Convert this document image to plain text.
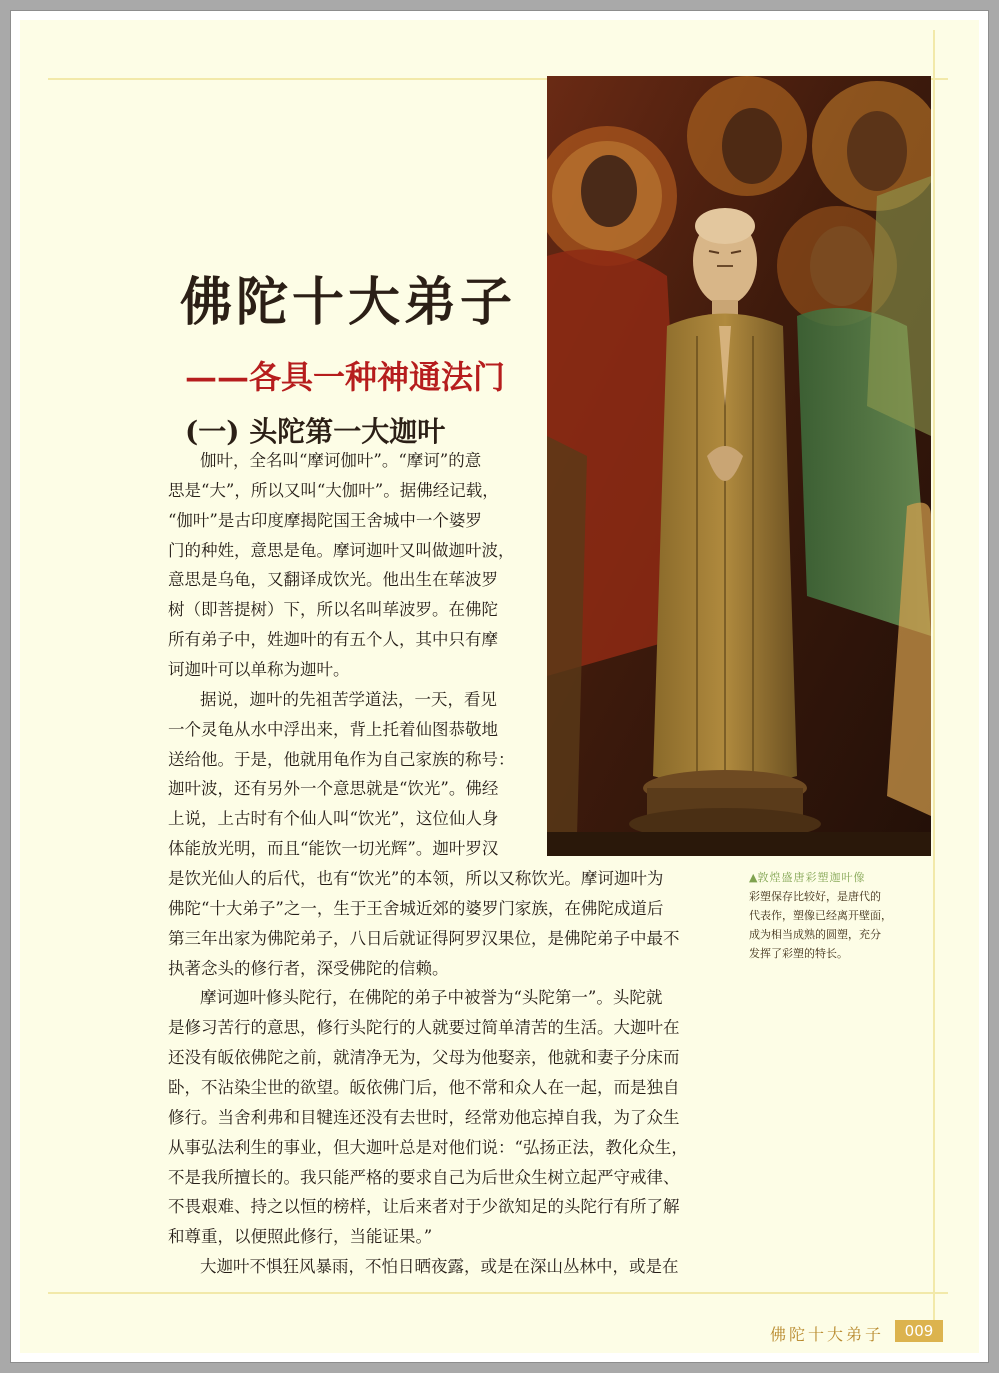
▲敦煌盛唐彩塑迦叶像
彩塑保存比较好，是唐代的
代表作，塑像已经离开壁面，
成为相当成熟的圆塑，充分
发挥了彩塑的特长。
佛陀十大弟子
——各具一种神通法门
(一) 头陀第一大迦叶
伽叶，全名叫“摩诃伽叶”。“摩诃”的意
思是“大”，所以又叫“大伽叶”。据佛经记载，
“伽叶”是古印度摩揭陀国王舍城中一个婆罗
门的种姓，意思是龟。摩诃迦叶又叫做迦叶波，
意思是乌龟，又翻译成饮光。他出生在荜波罗
树（即菩提树）下，所以名叫荜波罗。在佛陀
所有弟子中，姓迦叶的有五个人，其中只有摩
诃迦叶可以单称为迦叶。
据说，迦叶的先祖苦学道法，一天，看见
一个灵龟从水中浮出来，背上托着仙图恭敬地
送给他。于是，他就用龟作为自己家族的称号：
迦叶波，还有另外一个意思就是“饮光”。佛经
上说，上古时有个仙人叫“饮光”，这位仙人身
体能放光明，而且“能饮一切光辉”。迦叶罗汉
是饮光仙人的后代，也有“饮光”的本领，所以又称饮光。摩诃迦叶为
佛陀“十大弟子”之一，生于王舍城近郊的婆罗门家族，在佛陀成道后
第三年出家为佛陀弟子，八日后就证得阿罗汉果位，是佛陀弟子中最不
执著念头的修行者，深受佛陀的信赖。
摩诃迦叶修头陀行，在佛陀的弟子中被誉为“头陀第一”。头陀就
是修习苦行的意思，修行头陀行的人就要过简单清苦的生活。大迦叶在
还没有皈依佛陀之前，就清净无为，父母为他娶亲，他就和妻子分床而
卧，不沾染尘世的欲望。皈依佛门后，他不常和众人在一起，而是独自
修行。当舍利弗和目犍连还没有去世时，经常劝他忘掉自我，为了众生
从事弘法利生的事业，但大迦叶总是对他们说：“弘扬正法，教化众生，
不是我所擅长的。我只能严格的要求自己为后世众生树立起严守戒律、
不畏艰难、持之以恒的榜样，让后来者对于少欲知足的头陀行有所了解
和尊重，以便照此修行，当能证果。”
大迦叶不惧狂风暴雨，不怕日晒夜露，或是在深山丛林中，或是在
佛陀十大弟子	009
